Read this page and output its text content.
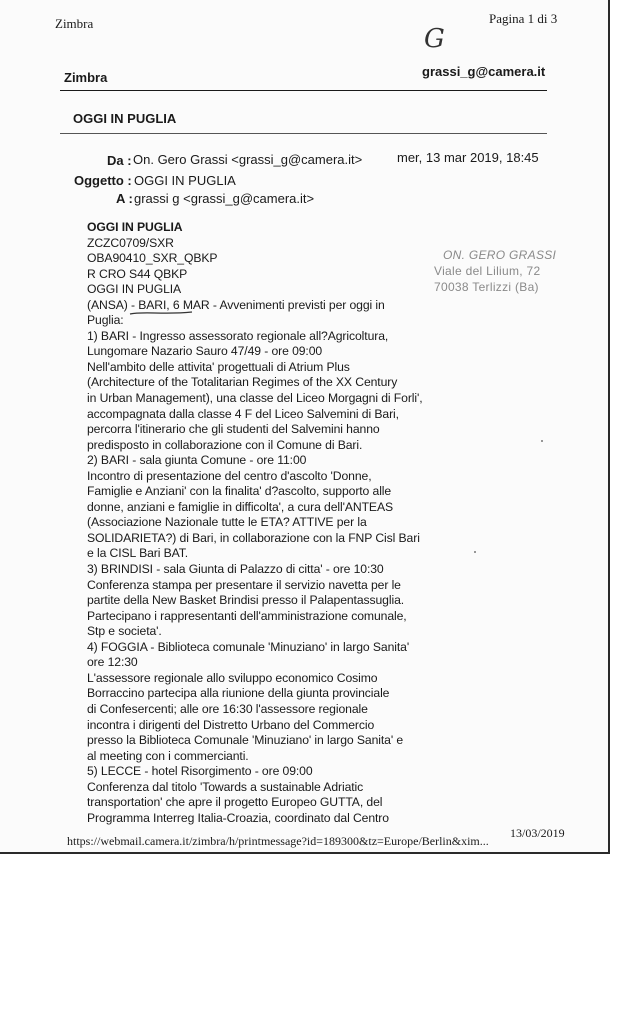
Zimbra	Pagina 1 di 3
G
Zimbra	grassi_g@camera.it
OGGI IN PUGLIA
Da : On. Gero Grassi <grassi_g@camera.it>	mer, 13 mar 2019, 18:45
Oggetto : OGGI IN PUGLIA
A : grassi g <grassi_g@camera.it>
OGGI IN PUGLIA
ZCZC0709/SXR
OBA90410_SXR_QBKP
R CRO S44 QBKP
OGGI IN PUGLIA
(ANSA) - BARI, 6 MAR - Avvenimenti previsti per oggi in
Puglia:
1) BARI - Ingresso assessorato regionale all?Agricoltura,
Lungomare Nazario Sauro 47/49 - ore 09:00
Nell'ambito delle attivita' progettuali di Atrium Plus
(Architecture of the Totalitarian Regimes of the XX Century
in Urban Management), una classe del Liceo Morgagni di Forli',
accompagnata dalla classe 4 F del Liceo Salvemini di Bari,
percorra l'itinerario che gli studenti del Salvemini hanno
predisposto in collaborazione con il Comune di Bari.
2) BARI - sala giunta Comune - ore 11:00
Incontro di presentazione del centro d'ascolto 'Donne,
Famiglie e Anziani' con la finalita' d?ascolto, supporto alle
donne, anziani e famiglie in difficolta', a cura dell'ANTEAS
(Associazione Nazionale tutte le ETA? ATTIVE per la
SOLIDARIETA?) di Bari, in collaborazione con la FNP Cisl Bari
e la CISL Bari BAT.
3) BRINDISI - sala Giunta di Palazzo di citta' - ore 10:30
Conferenza stampa per presentare il servizio navetta per le
partite della New Basket Brindisi presso il Palapentassuglia.
Partecipano i rappresentanti dell'amministrazione comunale,
Stp e societa'.
4) FOGGIA - Biblioteca comunale 'Minuziano' in largo Sanita'
ore 12:30
L'assessore regionale allo sviluppo economico Cosimo
Borraccino partecipa alla riunione della giunta provinciale
di Confesercenti; alle ore 16:30 l'assessore regionale
incontra i dirigenti del Distretto Urbano del Commercio
presso la Biblioteca Comunale 'Minuziano' in largo Sanita' e
al meeting con i commercianti.
5) LECCE - hotel Risorgimento - ore 09:00
Conferenza dal titolo 'Towards a sustainable Adriatic
transportation' che apre il progetto Europeo GUTTA, del
Programma Interreg Italia-Croazia, coordinato dal Centro
ON. GERO GRASSI
Viale del Lilium, 72
70038 Terlizzi (Ba)
https://webmail.camera.it/zimbra/h/printmessage?id=189300&tz=Europe/Berlin&xim...
13/03/2019
